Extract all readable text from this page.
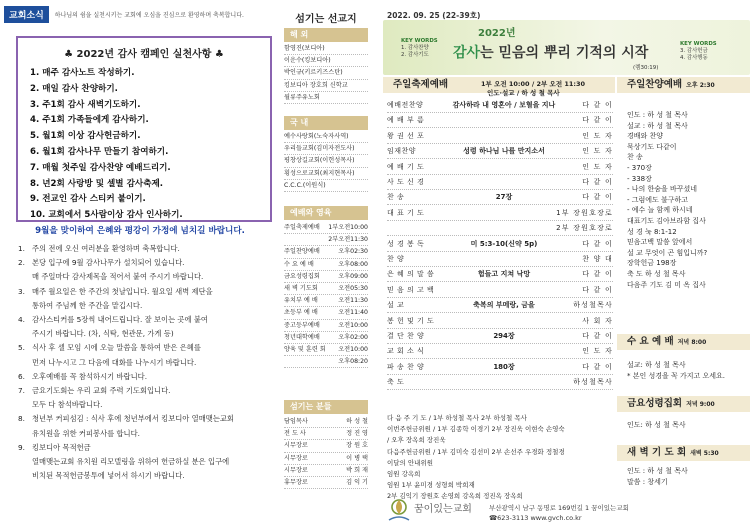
교회소식	하나님의 쉼을 실천시키는 교회에 오심을 진심으로 환영하며 축복합니다.
♣ 2022년 감사 캠페인 실천사항 ♣
1. 매주 감사노트 작성하기.
2. 매일 감사 찬양하기.
3. 주1회 감사 새벽기도하기.
4. 주1회 가족들에게 감사하기.
5. 월1회 이상 감사헌금하기.
6. 월1회 감사나무 만들기 참여하기.
7. 매월 첫주일 감사찬양 예배드리기.
8. 년2회 사랑방 및 셀별 감사축제.
9. 전교인 감사 스티커 붙이기.
10. 교회에서 5사람이상 감사 인사하기.
9월을 맞이하여 은혜와 평강이 가정에 넘치길 바랍니다.
1. 주의 전에 오신 여러분을 환영하며 축복합니다.
2. 본당 입구에 9월 감사나무가 설치되어 있습니다.
매 주일마다 감사제목을 적어서 붙여 주시기 바랍니다.
3. 매주 월요일은 한 주간의 첫날입니다. 월요일 새벽 제단을
통하여 주님께 한 주간을 맡깁시다.
4. 감사스티커를 5장씩 내어드립니다. 잘 보이는 곳에 붙여
주시기 바랍니다. (차, 식탁, 현관문, 가게 등)
5. 식사 후 셀 모임 시에 오늘 말씀을 통하여 받은 은혜를
먼저 나누시고 그 다음에 대화를 나누시기 바랍니다.
6. 오후예배를 꼭 참석하시기 바랍니다.
7. 금요기도회는 우리 교회 주력 기도회입니다.
모두 다 참석바랍니다.
8. 청년부 커피섬김 : 식사 후에 청년부에서 킹보디아 열매맺는교회
유치원을 위한 커피봉사를 합니다.
9. 킹보디아 목적헌금
열매맺는교회 유치원 리모델링을 위하여 헌금하실 분은 입구에
비치된 목적헌금봉투에 넣어서 하시기 바랍니다.
섬기는 선교지
해 외
함영진(보디아)
이운수(킹보디아)
박인규(키르키즈스탄)
킹보디아 장호희 신학교
월류주유노회
국 내
예수사랑회(노숙자사역)
우리들교회(김미자전도사)
평창상길교회(이헌성목사)
횡성으로교회(최지현목사)
C.C.C.(이원식)
예배와 영육
주일축제예배 1부오전10:00
2부오전11:30
주일찬양예배	오후02:30
수 요 예 배	오후08:00
금요성령집회	오후09:00
새 벽 기도회	오전05:30
유치부 예 배	오전11:30
초등부 예 배	오전11:40
중고등부예배	오전10:00
청년대학예배	오후02:00
양육 및 훈련 회 오전10:00
오후08:20
섬기는 분들
담임목사	하 성 철
전 도 사	정 진 영
시무장로	장 원 호
시무장로	이 병 택
시무장로	박 희 재
휴무장로	김 익 기
2022. 09. 25 (22-39호)
KEY WORDS
1. 감사찬양
2. 감사기도
2022년
감사는 믿음의 뿌리 기적의 시작
(렘30:19)
KEY WORDS
3. 감사헌금
4. 감사행동
주일축제예배	1부 오전 10:00 / 2부 오전 11:30
인도·설교 / 하 성 철 목사
예배전찬양	감사하라 내 영혼아 / 보혈을 지나	다 같 이
예 배 부 름	다 같 이
왕 권 선 포	인 도 자
임재찬양	성령 하나님 나를 만지소서	인 도 자
예 배 기 도	인 도 자
사 도 신 경	다 같 이
찬 송	27장	다 같 이
대 표 기 도	1부 장원호장로
2부 장원호장로
성 경 봉 독	미 5:3-10(신약 5p)	다 같 이
찬 양	찬 양 대
은 혜 의 말 씀	험들고 지쳐 낙망	다 같 이
믿 음 의 고 백	다 같 이
설 교	축복의 부메랑, 금을	하성철목사
봉 헌 및 기 도	사 회 자
결 단 찬 양	294장	다 같 이
교 회 소 식	인 도 자
파 송 찬 양	180장	다 같 이
축 도	하성철목사
다 음 주 기 도 / 1부 하성철 목사 2부 하성철 목사
이번주헌금위원 / 1부 김종학 이경기 2부 장진욱 이현숙 손영숙
/ 오후 장옥희 장진욱
다음주헌금위원 / 1부 김미숙 김선미 2부 손선주 우경화 정철경
이달의 안내위원
임원 강옥희
임원 1부 윤미경 성형희 박희재
2부 김익기 장원호 손영희 강옥희 정진옥 장옥희
꿈이있는교회	부산광역시 남구 동명로 169번길 1 꿈이있는교회
☎623-3113 www.gvch.co.kr
주일찬양예배 오후 2:30
인도 : 하 성 철 목사
설교 : 하 성 철 목사
경배와 찬양
묵상기도 다같이
찬 송
- 370장
- 338장
- 나의 한숨을 바꾸셨네
- 그럼에도 불구하고
- 예수 늘 함께 하시네
대표기도 김아브라함 집사
성 경 눅 8:1-12
믿음고백 말씀 앞에서
설 교 무엇이 곤 힘입니까?
장학헌금 198장
축 도 하 성 철 목사
다음주 기도 김 미 옥 집사
수 요 예 배 저녁 8:00
설교: 하 성 철 목사
* 본인 성경을 꼭 가지고 오세요.
금요성령집회 저녁 9:00
인도: 하 성 철 목사
새 벽 기 도 회 새벽 5:30
인도 : 하 성 철 목사
말씀 : 창세기
